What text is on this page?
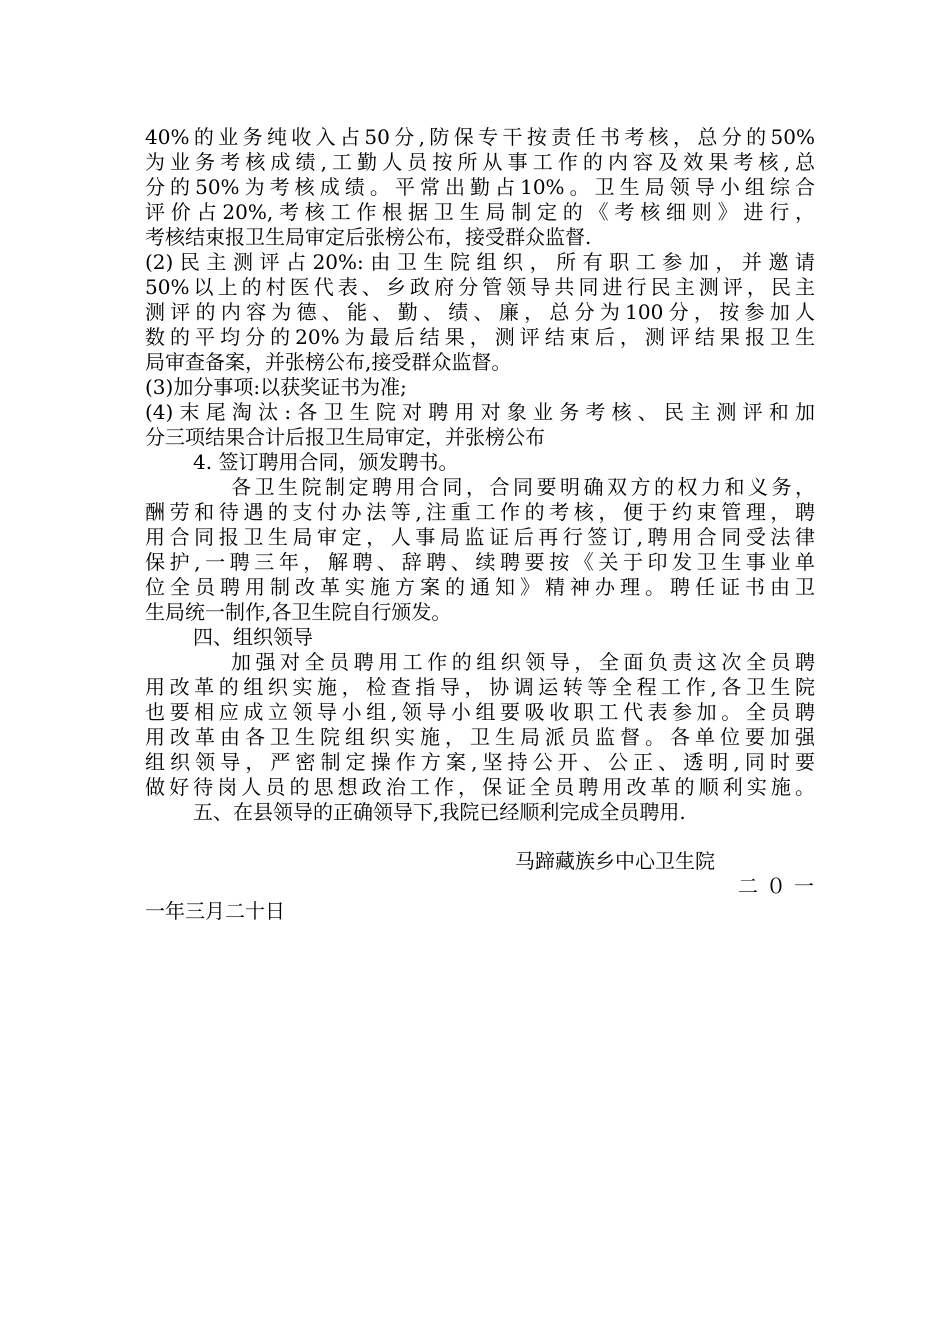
40%的业务纯收入占50分,防保专干按责任书考核，总分的50%
为业务考核成绩,工勤人员按所从事工作的内容及效果考核,总
分的50%为考核成绩。平常出勤占10%。卫生局领导小组综合
评价占20%,考核工作根据卫生局制定的《考核细则》进行，
考核结束报卫生局审定后张榜公布，接受群众监督.
(2)民主测评占20%:由卫生院组织，所有职工参加，并邀请
50%以上的村医代表、乡政府分管领导共同进行民主测评，民主
测评的内容为德、能、勤、绩、廉，总分为100分，按参加人
数的平均分的20%为最后结果，测评结束后，测评结果报卫生
局审查备案，并张榜公布,接受群众监督。
(3)加分事项:以获奖证书为准;
(4)末尾淘汰:各卫生院对聘用对象业务考核、民主测评和加
分三项结果合计后报卫生局审定，并张榜公布
4. 签订聘用合同，颁发聘书。
各卫生院制定聘用合同，合同要明确双方的权力和义务，
酬劳和待遇的支付办法等,注重工作的考核，便于约束管理，聘
用合同报卫生局审定，人事局监证后再行签订,聘用合同受法律
保护,一聘三年，解聘、辞聘、续聘要按《关于印发卫生事业单
位全员聘用制改革实施方案的通知》精神办理。聘任证书由卫
生局统一制作,各卫生院自行颁发。
四、组织领导
加强对全员聘用工作的组织领导，全面负责这次全员聘
用改革的组织实施，检查指导，协调运转等全程工作,各卫生院
也要相应成立领导小组,领导小组要吸收职工代表参加。全员聘
用改革由各卫生院组织实施，卫生局派员监督。各单位要加强
组织领导，严密制定操作方案,坚持公开、公正、透明,同时要
做好待岗人员的思想政治工作，保证全员聘用改革的顺利实施。
五、在县领导的正确领导下,我院已经顺利完成全员聘用.
马蹄藏族乡中心卫生院
二０一
一年三月二十日
